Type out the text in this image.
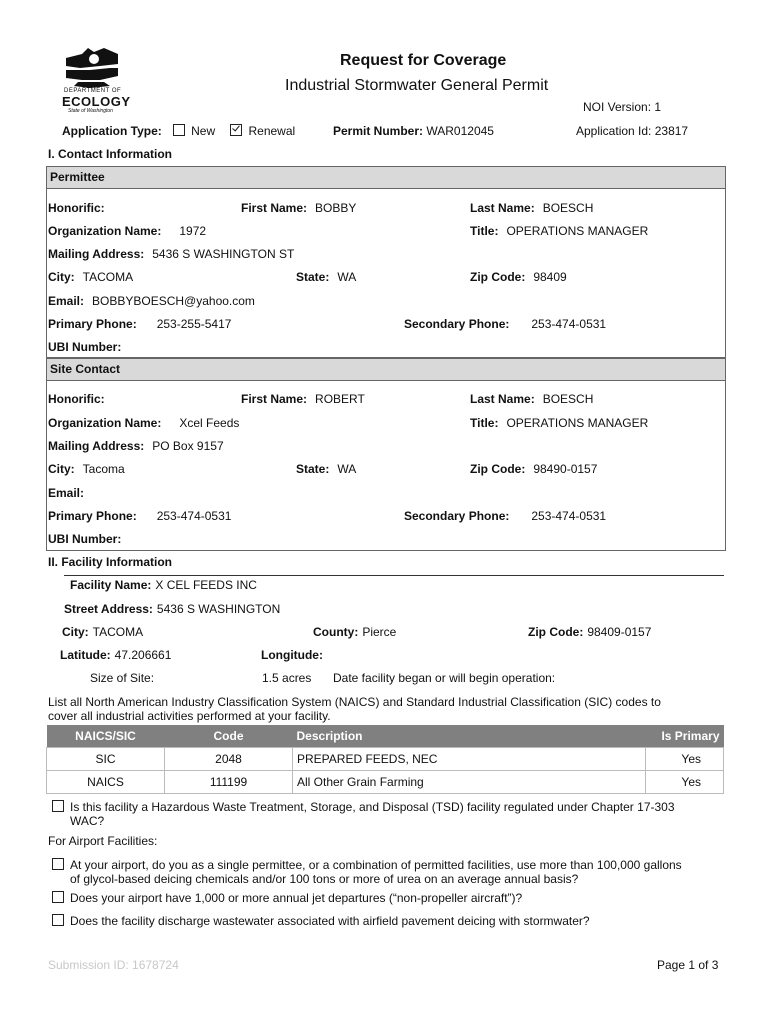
DEPARTMENT OF
ECOLOGY
State of Washington
Request for Coverage
Industrial Stormwater General Permit
NOI Version: 1
Application Type: New	Renewal	Permit Number: WAR012045	Application Id: 23817
I. Contact Information
Permittee
Honorific:	First Name: BOBBY	Last Name: BOESCH
Organization Name: 1972	Title: OPERATIONS MANAGER
Mailing Address: 5436 S WASHINGTON ST
City: TACOMA	State: WA	Zip Code: 98409
Email: BOBBYBOESCH@yahoo.com
Primary Phone: 253-255-5417	Secondary Phone: 253-474-0531
UBI Number:
Site Contact
Honorific:	First Name: ROBERT	Last Name: BOESCH
Organization Name: Xcel Feeds	Title: OPERATIONS MANAGER
Mailing Address: PO Box 9157
City: Tacoma	State: WA	Zip Code: 98490-0157
Email:
Primary Phone: 253-474-0531	Secondary Phone: 253-474-0531
UBI Number:
II. Facility Information
Facility Name: X CEL FEEDS INC
Street Address: 5436 S WASHINGTON
City: TACOMA	County: Pierce	Zip Code: 98409-0157
Latitude: 47.206661	Longitude:
Size of Site:	1.5 acres Date facility began or will begin operation:
List all North American Industry Classification System (NAICS) and Standard Industrial Classification (SIC) codes to
cover all industrial activities performed at your facility.
NAICS/SIC	Code	Description	Is Primary
SIC	2048	PREPARED FEEDS, NEC	Yes
NAICS	111199	All Other Grain Farming	Yes
Is this facility a Hazardous Waste Treatment, Storage, and Disposal (TSD) facility regulated under Chapter 17-303
WAC?
For Airport Facilities:
At your airport, do you as a single permittee, or a combination of permitted facilities, use more than 100,000 gallons
of glycol-based deicing chemicals and/or 100 tons or more of urea on an average annual basis?
Does your airport have 1,000 or more annual jet departures (“non-propeller aircraft”)?
Does the facility discharge wastewater associated with airfield pavement deicing with stormwater?
Submission ID: 1678724	Page 1 of 3
